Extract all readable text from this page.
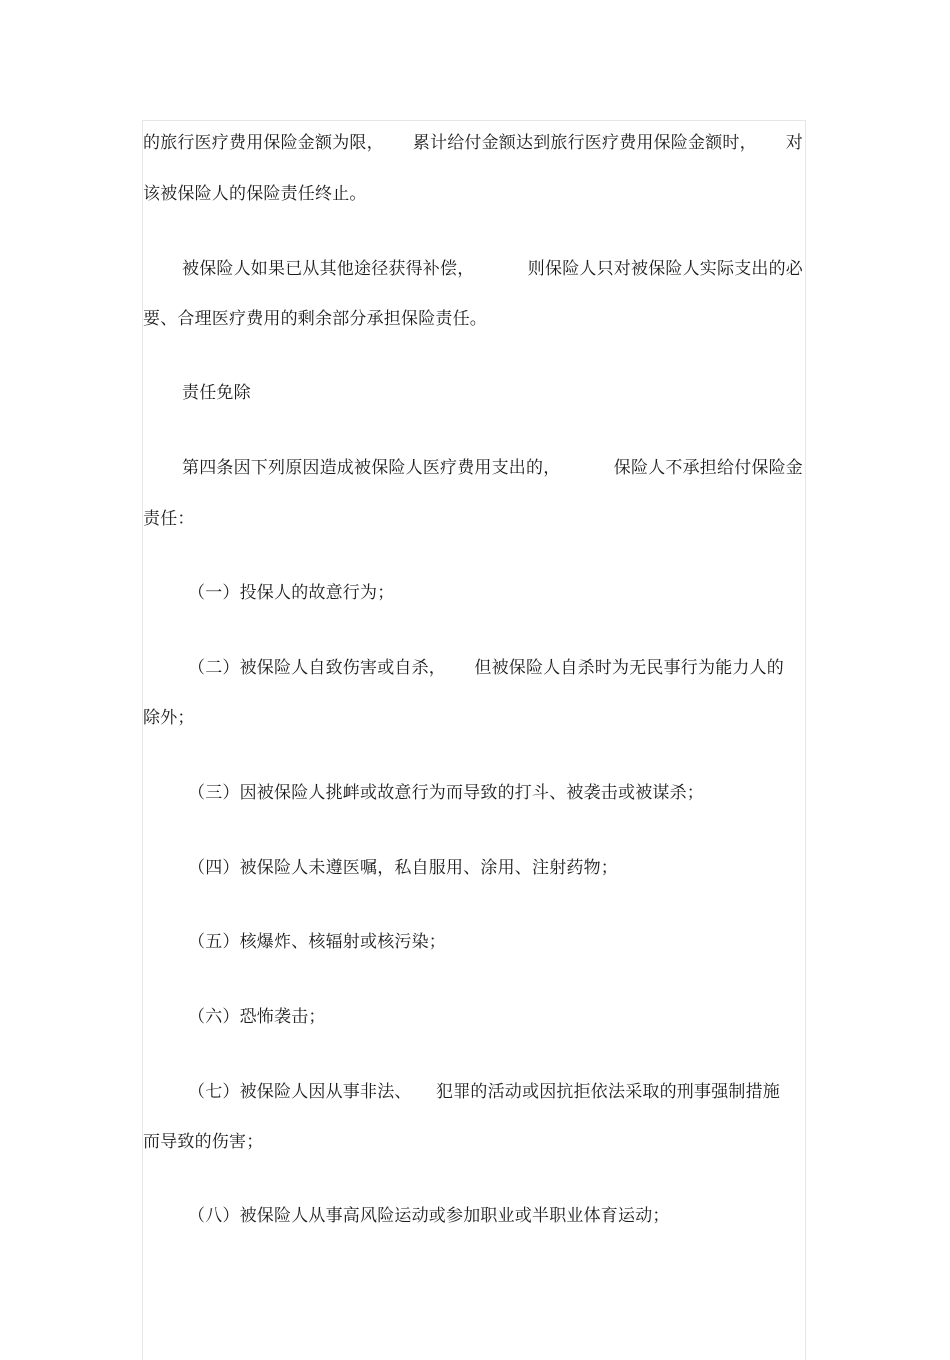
的旅行医疗费用保险金额为限， 累计给付金额达到旅行医疗费用保险金额时， 对
该被保险人的保险责任终止。
被保险人如果已从其他途径获得补偿，	则保险人只对被保险人实际支出的必
要、合理医疗费用的剩余部分承担保险责任。
责任免除
第四条因下列原因造成被保险人医疗费用支出的，	保险人不承担给付保险金
责任：
（一）投保人的故意行为；
（二）被保险人自致伤害或自杀， 但被保险人自杀时为无民事行为能力人的
除外；
（三）因被保险人挑衅或故意行为而导致的打斗、被袭击或被谋杀；
（四）被保险人未遵医嘱，私自服用、涂用、注射药物；
（五）核爆炸、核辐射或核污染；
（六）恐怖袭击；
（七）被保险人因从事非法、 犯罪的活动或因抗拒依法采取的刑事强制措施
而导致的伤害；
（八）被保险人从事高风险运动或参加职业或半职业体育运动；
